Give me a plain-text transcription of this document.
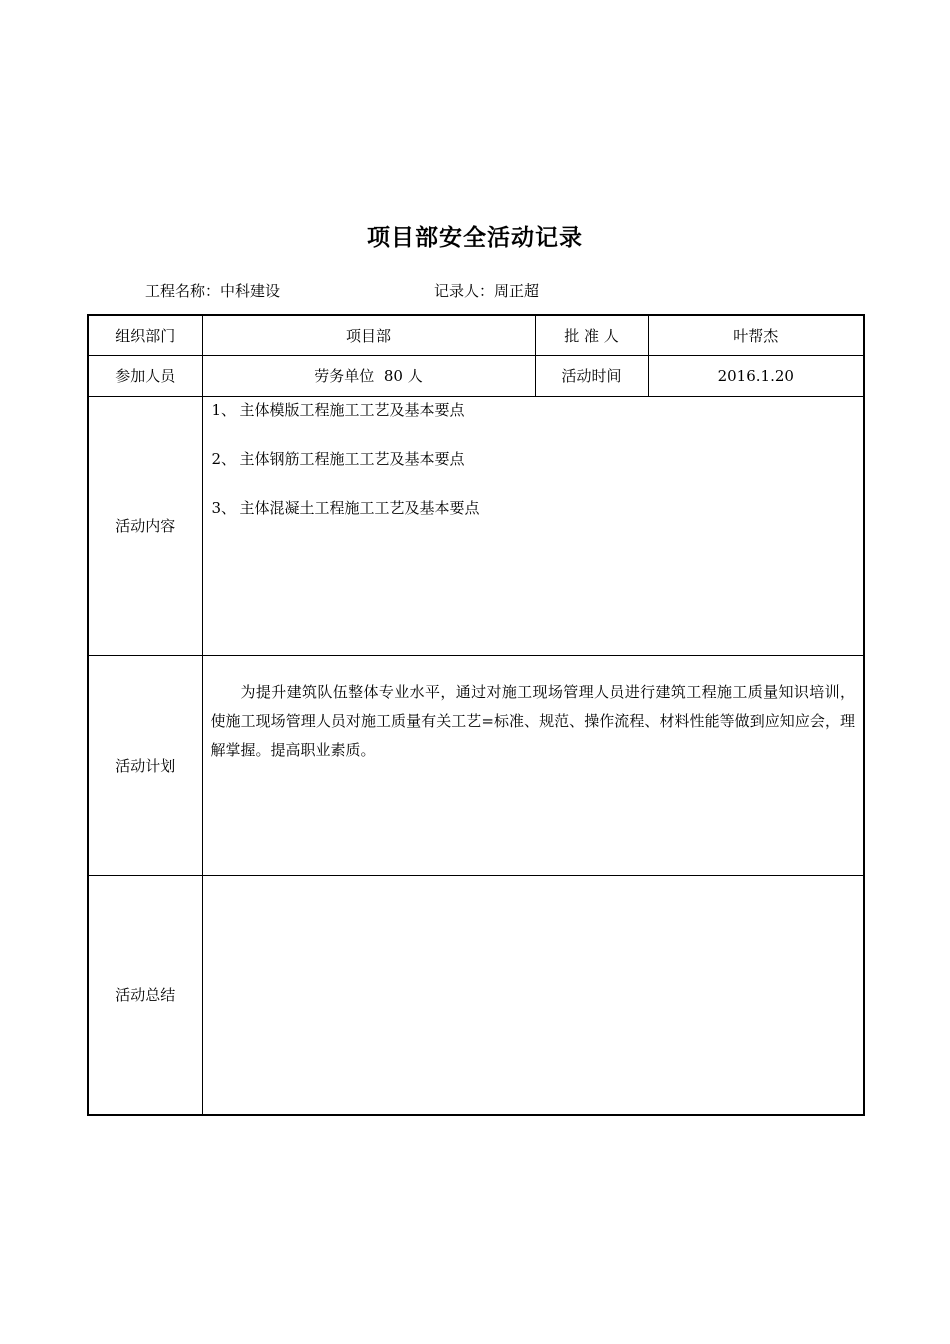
项目部安全活动记录
工程名称：中科建设	记录人：周正超
组织部门	项目部	批 准 人	叶帮杰
参加人员	劳务单位  80 人	活动时间	2016.1.20
活动内容	1、 主体模版工程施工工艺及基本要点
2、 主体钢筋工程施工工艺及基本要点
3、 主体混凝土工程施工工艺及基本要点		

活动计划	为提升建筑队伍整体专业水平，通过对施工现场管理人员进行建筑工程施工质量知识培训，使施工现场管理人员对施工质量有关工艺=标准、规范、操作流程、材料性能等做到应知应会，理解掌握。提高职业素质。		

活动总结			
